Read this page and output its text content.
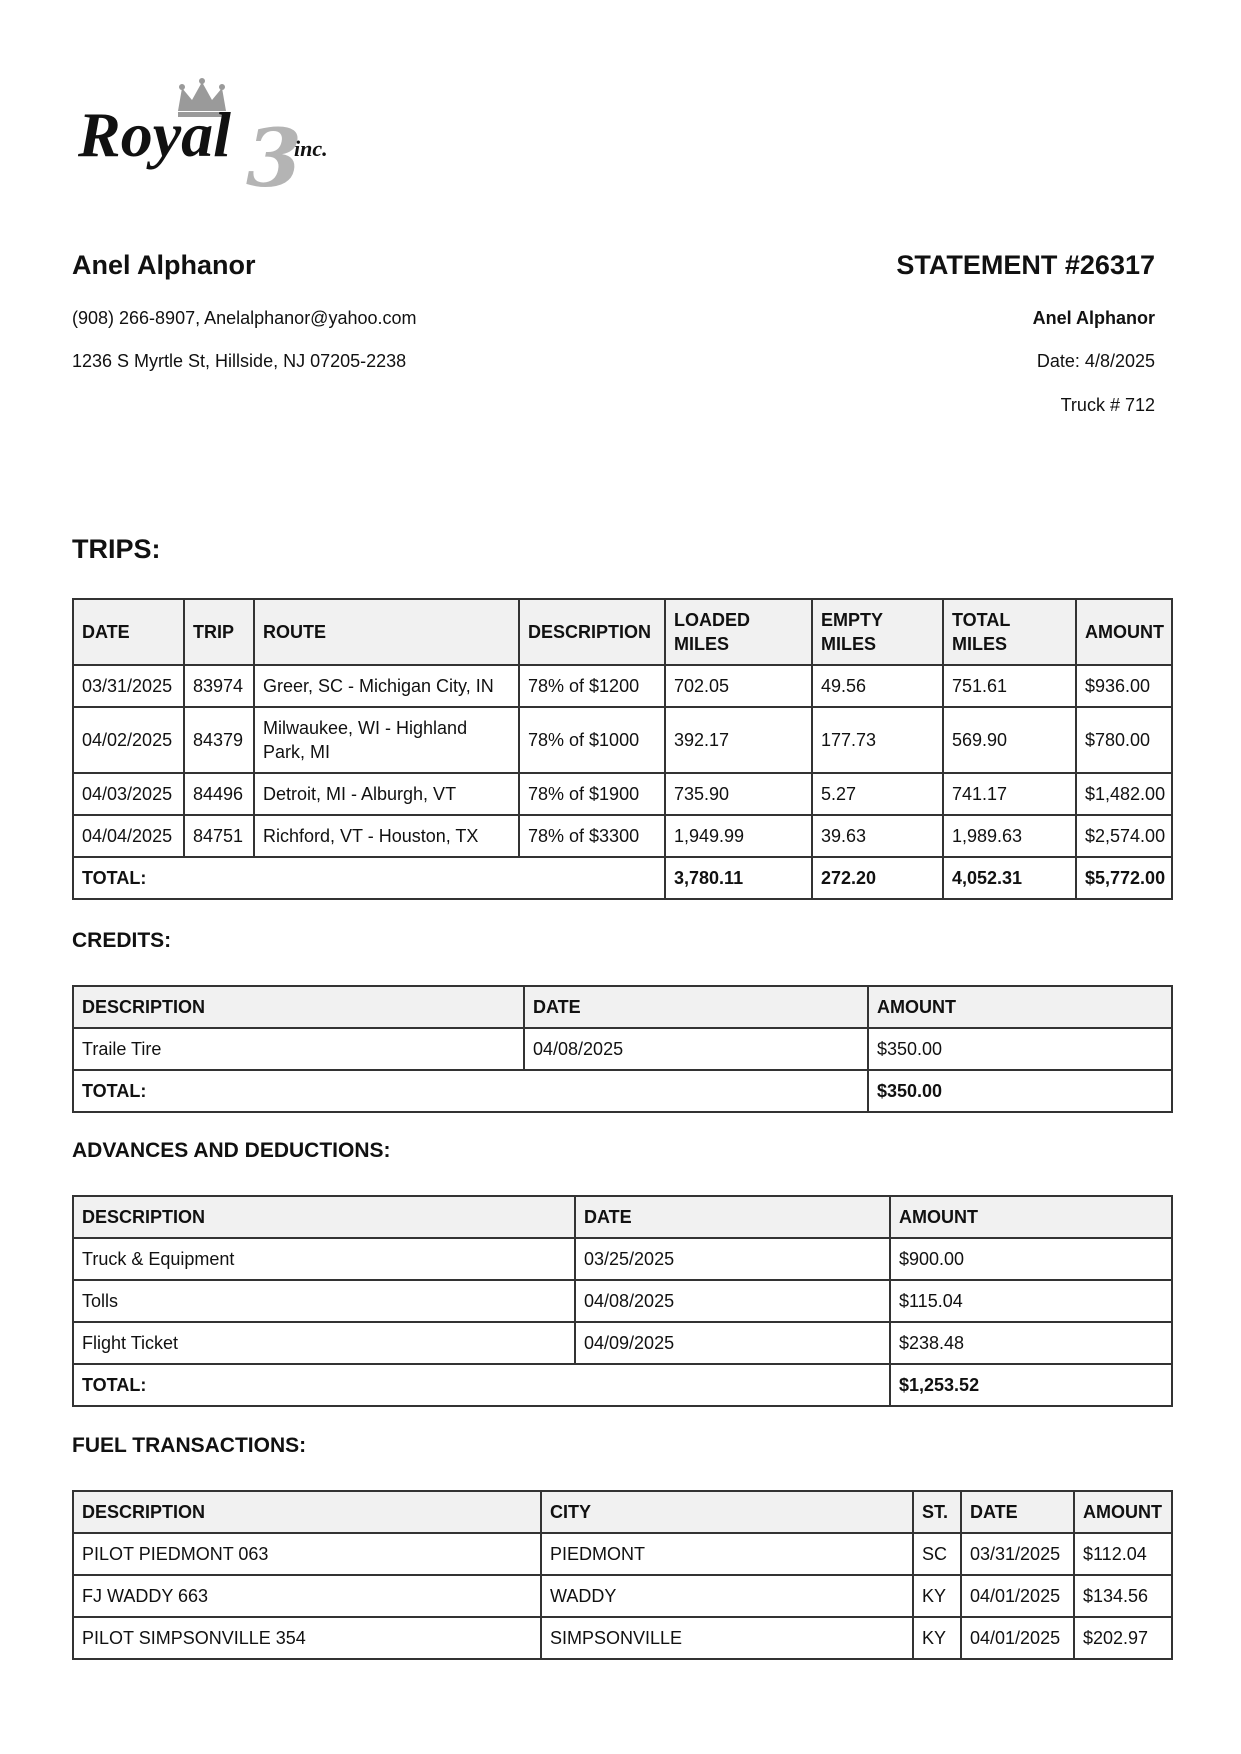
3
Royal	inc.
Anel Alphanor
(908) 266-8907, Anelalphanor@yahoo.com
1236 S Myrtle St, Hillside, NJ 07205-2238
STATEMENT #26317
Anel Alphanor
Date: 4/8/2025
Truck # 712
TRIPS:
DATE	TRIP	ROUTE	DESCRIPTION	LOADED MILES	EMPTY MILES	TOTAL MILES	AMOUNT
03/31/2025	83974	Greer, SC - Michigan City, IN	78% of $1200	702.05	49.56	751.61	$936.00
04/02/2025	84379	Milwaukee, WI - Highland Park, MI	78% of $1000	392.17	177.73	569.90	$780.00
04/03/2025	84496	Detroit, MI - Alburgh, VT	78% of $1900	735.90	5.27	741.17	$1,482.00
04/04/2025	84751	Richford, VT - Houston, TX	78% of $3300	1,949.99	39.63	1,989.63	$2,574.00
TOTAL:				3,780.11	272.20	4,052.31	$5,772.00
CREDITS:
DESCRIPTION	DATE	AMOUNT
Traile Tire	04/08/2025	$350.00
TOTAL:		$350.00
ADVANCES AND DEDUCTIONS:
DESCRIPTION	DATE	AMOUNT
Truck & Equipment	03/25/2025	$900.00
Tolls	04/08/2025	$115.04
Flight Ticket	04/09/2025	$238.48
TOTAL:		$1,253.52
FUEL TRANSACTIONS:
DESCRIPTION	CITY	ST.	DATE	AMOUNT
PILOT PIEDMONT 063	PIEDMONT	SC	03/31/2025	$112.04
FJ WADDY 663	WADDY	KY	04/01/2025	$134.56
PILOT SIMPSONVILLE 354	SIMPSONVILLE	KY	04/01/2025	$202.97
